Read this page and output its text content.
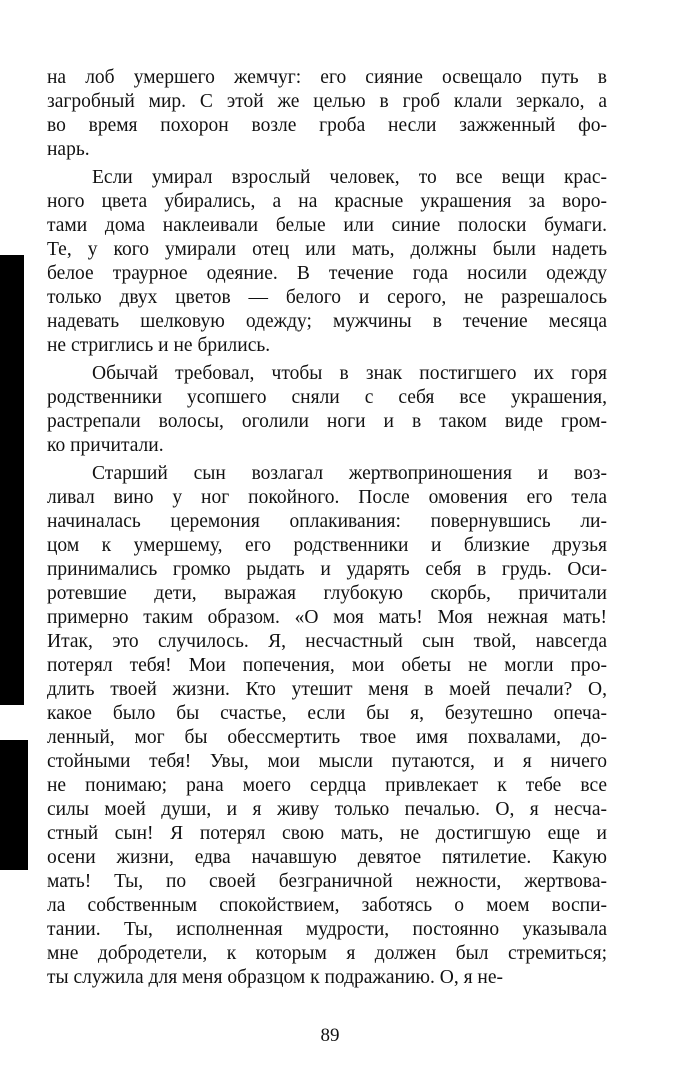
на лоб умершего жемчуг: его сияние освещало путь в
загробный мир. С этой же целью в гроб клали зеркало, а
во время похорон возле гроба несли зажженный фо-
нарь.
Если умирал взрослый человек, то все вещи крас-
ного цвета убирались, а на красные украшения за воро-
тами дома наклеивали белые или синие полоски бумаги.
Те, у кого умирали отец или мать, должны были надеть
белое траурное одеяние. В течение года носили одежду
только двух цветов — белого и серого, не разрешалось
надевать шелковую одежду; мужчины в течение месяца
не стриглись и не брились.
Обычай требовал, чтобы в знак постигшего их горя
родственники усопшего сняли с себя все украшения,
растрепали волосы, оголили ноги и в таком виде гром-
ко причитали.
Старший сын возлагал жертвоприношения и воз-
ливал вино у ног покойного. После омовения его тела
начиналась церемония оплакивания: повернувшись ли-
цом к умершему, его родственники и близкие друзья
принимались громко рыдать и ударять себя в грудь. Оси-
ротевшие дети, выражая глубокую скорбь, причитали
примерно таким образом. «О моя мать! Моя нежная мать!
Итак, это случилось. Я, несчастный сын твой, навсегда
потерял тебя! Мои попечения, мои обеты не могли про-
длить твоей жизни. Кто утешит меня в моей печали? О,
какое было бы счастье, если бы я, безутешно опеча-
ленный, мог бы обессмертить твое имя похвалами, до-
стойными тебя! Увы, мои мысли путаются, и я ничего
не понимаю; рана моего сердца привлекает к тебе все
силы моей души, и я живу только печалью. О, я несча-
стный сын! Я потерял свою мать, не достигшую еще и
осени жизни, едва начавшую девятое пятилетие. Какую
мать! Ты, по своей безграничной нежности, жертвова-
ла собственным спокойствием, заботясь о моем воспи-
тании. Ты, исполненная мудрости, постоянно указывала
мне добродетели, к которым я должен был стремиться;
ты служила для меня образцом к подражанию. О, я не-
89
